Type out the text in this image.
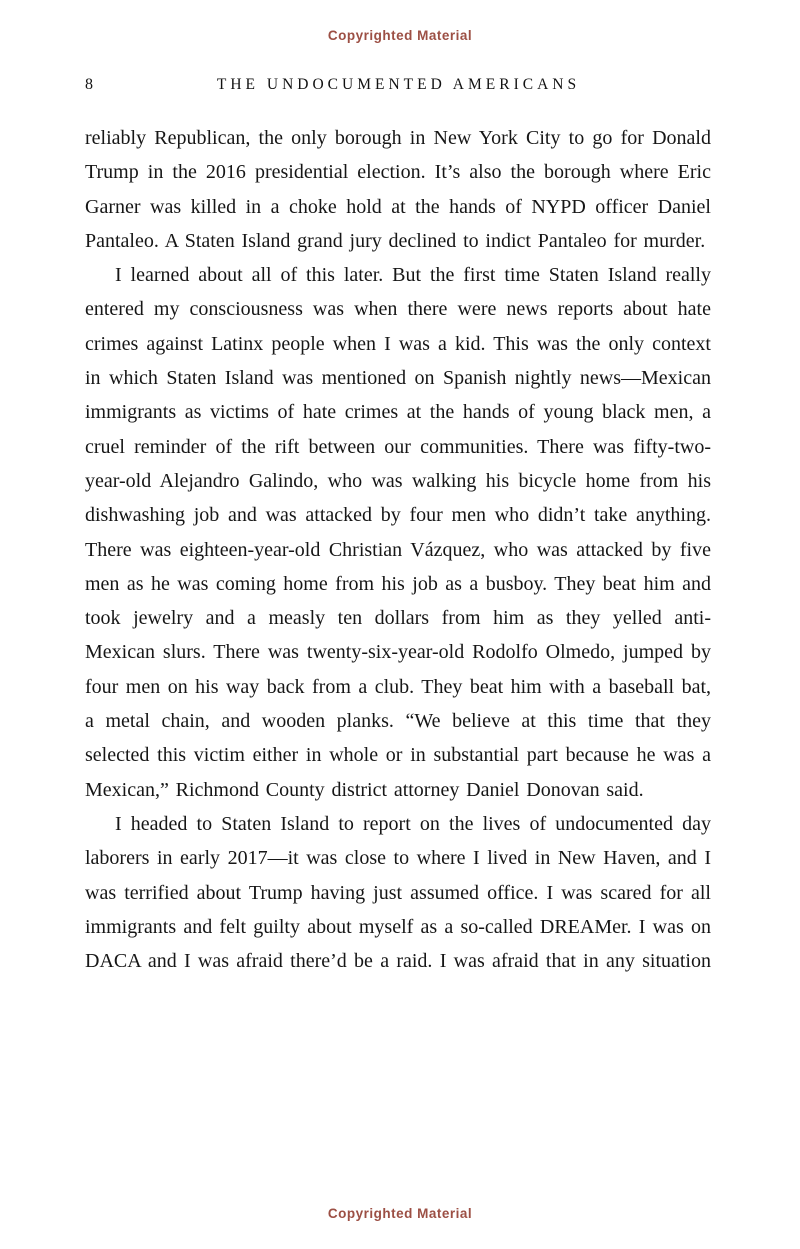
Copyrighted Material
8	THE UNDOCUMENTED AMERICANS

reliably Republican, the only borough in New York City to go for Donald Trump in the 2016 presidential election. It’s also the borough where Eric Garner was killed in a choke hold at the hands of NYPD officer Daniel Pantaleo. A Staten Island grand jury declined to indict Pantaleo for murder.

I learned about all of this later. But the first time Staten Island really entered my consciousness was when there were news reports about hate crimes against Latinx people when I was a kid. This was the only context in which Staten Island was mentioned on Spanish nightly news—Mexican immigrants as victims of hate crimes at the hands of young black men, a cruel reminder of the rift between our communities. There was fifty-two-year-old Alejandro Galindo, who was walking his bicycle home from his dishwashing job and was attacked by four men who didn’t take anything. There was eighteen-year-old Christian Vázquez, who was attacked by five men as he was coming home from his job as a busboy. They beat him and took jewelry and a measly ten dollars from him as they yelled anti-Mexican slurs. There was twenty-six-year-old Rodolfo Olmedo, jumped by four men on his way back from a club. They beat him with a baseball bat, a metal chain, and wooden planks. “We believe at this time that they selected this victim either in whole or in substantial part because he was a Mexican,” Richmond County district attorney Daniel Donovan said.

I headed to Staten Island to report on the lives of undocumented day laborers in early 2017—it was close to where I lived in New Haven, and I was terrified about Trump having just assumed office. I was scared for all immigrants and felt guilty about myself as a so-called DREAMer. I was on DACA and I was afraid there’d be a raid. I was afraid that in any situation

Copyrighted Material
